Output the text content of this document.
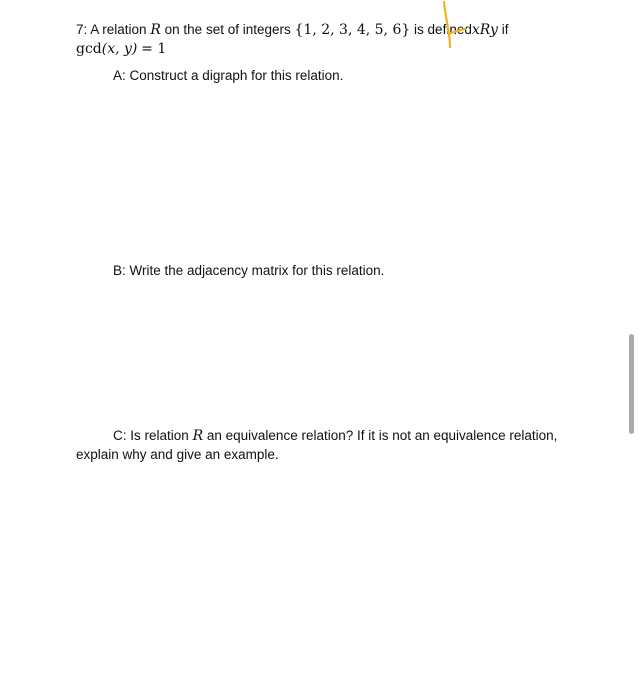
7: A relation R on the set of integers {1, 2, 3, 4, 5, 6} is definedxRy if
gcd(x, y) = 1
A: Construct a digraph for this relation.
B: Write the adjacency matrix for this relation.
C: Is relation R an equivalence relation? If it is not an equivalence relation,
explain why and give an example.
